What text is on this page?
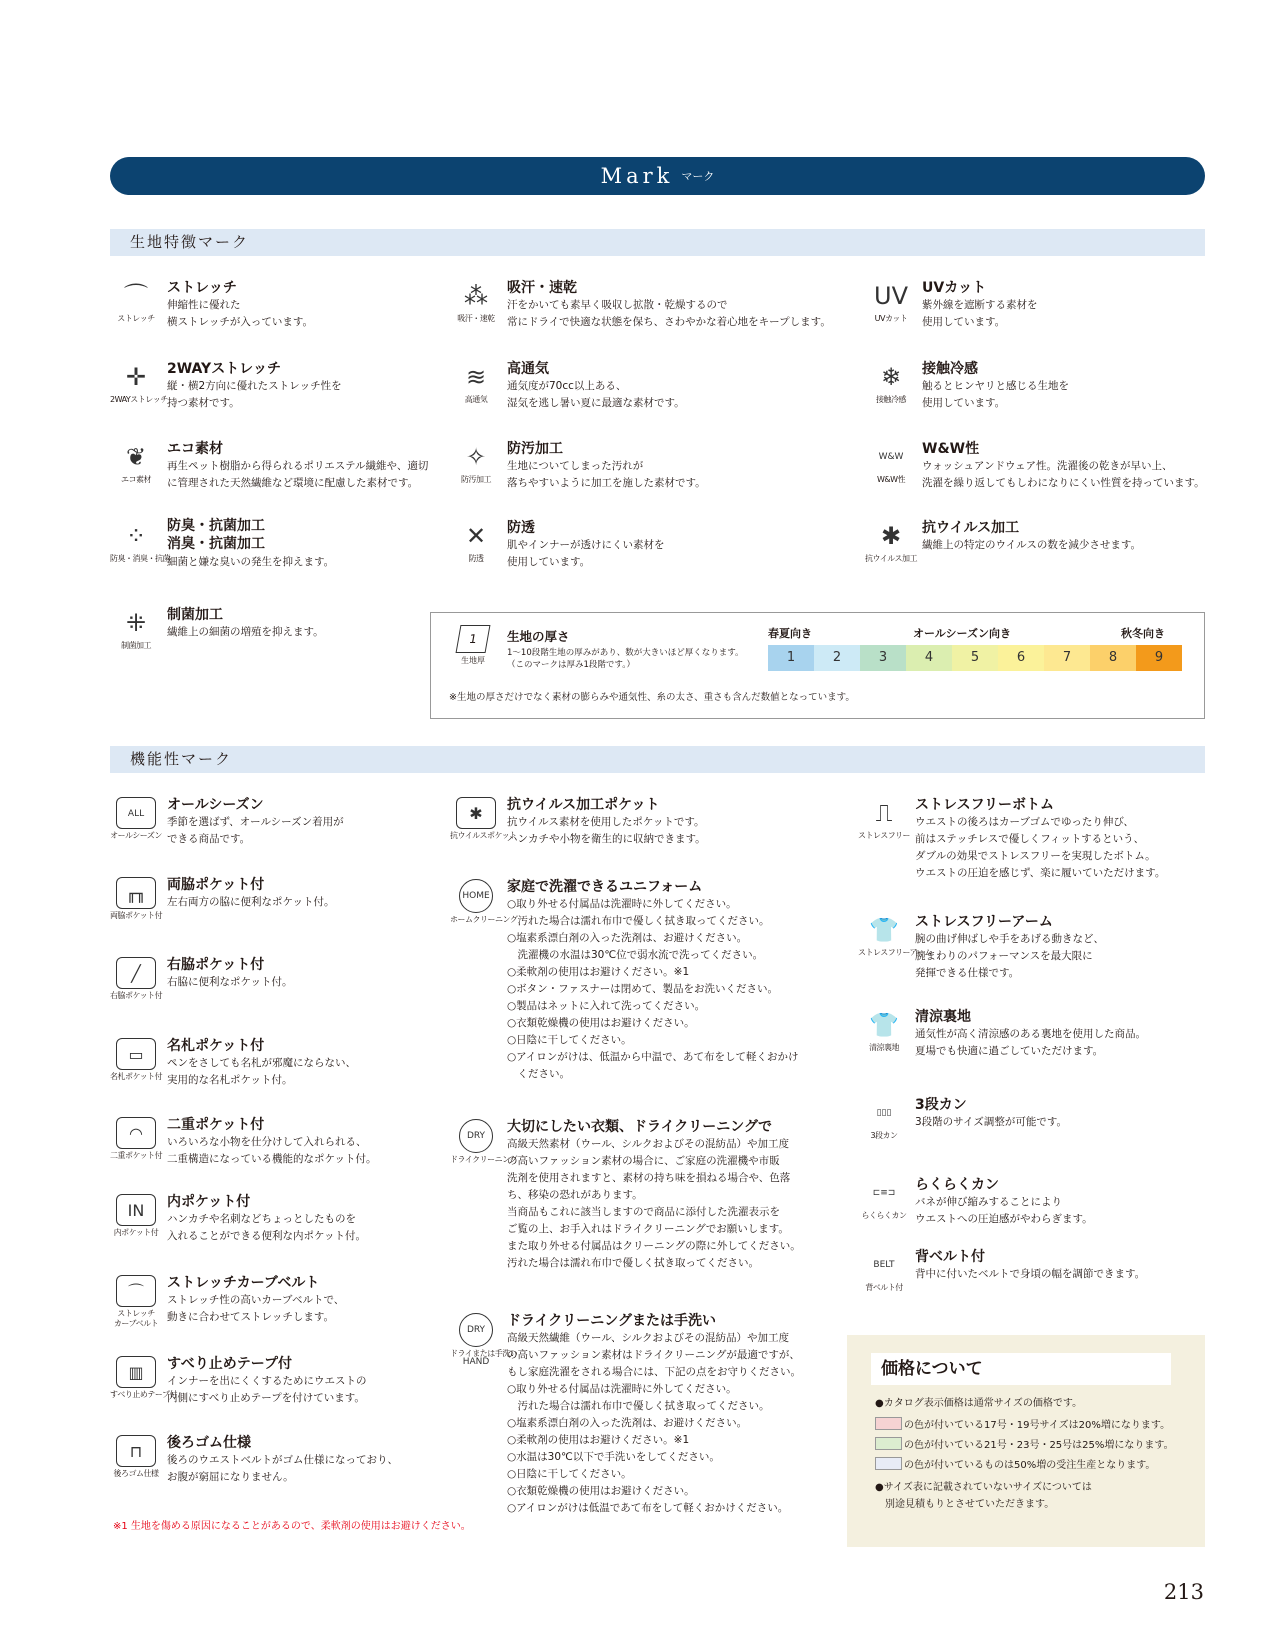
Mark マーク
生地特徴マーク
⌒
ストレッチ
ストレッチ
伸縮性に優れた
横ストレッチが入っています。
⁂
吸汗・速乾
吸汗・速乾
汗をかいても素早く吸収し拡散・乾燥するので
常にドライで快適な状態を保ち、さわやかな着心地をキープします。
UV
UVカット
UVカット
紫外線を遮断する素材を
使用しています。
✛
2WAYストレッチ
2WAYストレッチ
縦・横2方向に優れたストレッチ性を
持つ素材です。
≋
高通気
高通気
通気度が70cc以上ある、
湿気を逃し暑い夏に最適な素材です。
❄
接触冷感
接触冷感
触るとヒンヤリと感じる生地を
使用しています。
❦
エコ素材
エコ素材
再生ペット樹脂から得られるポリエステル繊維や、適切
に管理された天然繊維など環境に配慮した素材です。
✧
防汚加工
防汚加工
生地についてしまった汚れが
落ちやすいように加工を施した素材です。
W&W
W&W性
W&W性
ウォッシュアンドウェア性。洗濯後の乾きが早い上、
洗濯を繰り返してもしわになりにくい性質を持っています。
⁘
防臭・消臭・抗菌
防臭・抗菌加工
消臭・抗菌加工
細菌と嫌な臭いの発生を抑えます。
✕
防透
防透
肌やインナーが透けにくい素材を
使用しています。
✱
抗ウイルス加工
抗ウイルス加工
繊維上の特定のウイルスの数を減少させます。
⁜
制菌加工
制菌加工
繊維上の細菌の増殖を抑えます。	1
生地厚
生地の厚さ
1～10段階生地の厚みがあり、数が大きいほど厚くなります。
（このマークは厚み1段階です。）
春夏向き	オールシーズン向き	秋冬向き
1	2	3	4	5	6	7	8	9
※生地の厚さだけでなく素材の膨らみや通気性、糸の太さ、重さも含んだ数値となっています。
機能性マーク
ALL
オールシーズン
オールシーズン
季節を選ばず、オールシーズン着用が
できる商品です。
╓╖
両脇ポケット付
両脇ポケット付
左右両方の脇に便利なポケット付。
╱
右脇ポケット付
右脇ポケット付
右脇に便利なポケット付。
▭
名札ポケット付
名札ポケット付
ペンをさしても名札が邪魔にならない、
実用的な名札ポケット付。
◠
二重ポケット付
二重ポケット付
いろいろな小物を仕分けして入れられる、
二重構造になっている機能的なポケット付。
IN
内ポケット付
内ポケット付
ハンカチや名刺などちょっとしたものを
入れることができる便利な内ポケット付。
⌒
ストレッチ
カーブベルト
ストレッチカーブベルト
ストレッチ性の高いカーブベルトで、
動きに合わせてストレッチします。
▥
すべり止めテープ付
すべり止めテープ付
インナーを出にくくするためにウエストの
内側にすべり止めテープを付けています。
⊓
後ろゴム仕様
後ろゴム仕様
後ろのウエストベルトがゴム仕様になっており、
お腹が窮屈になりません。
✱
抗ウイルスポケット
抗ウイルス加工ポケット
抗ウイルス素材を使用したポケットです。
ハンカチや小物を衛生的に収納できます。
HOME
ホームクリーニング
家庭で洗濯できるユニフォーム
○取り外せる付属品は洗濯時に外してください。
　汚れた場合は濡れ布巾で優しく拭き取ってください。
○塩素系漂白剤の入った洗剤は、お避けください。
　洗濯機の水温は30℃位で弱水流で洗ってください。
○柔軟剤の使用はお避けください。※1
○ボタン・ファスナーは閉めて、製品をお洗いください。
○製品はネットに入れて洗ってください。
○衣類乾燥機の使用はお避けください。
○日陰に干してください。
○アイロンがけは、低温から中温で、あて布をして軽くおかけ
　ください。
DRY
ドライクリーニング
大切にしたい衣類、ドライクリーニングで
高級天然素材（ウール、シルクおよびその混紡品）や加工度
の高いファッション素材の場合に、ご家庭の洗濯機や市販
洗剤を使用されますと、素材の持ち味を損ねる場合や、色落
ち、移染の恐れがあります。
当商品もこれに該当しますので商品に添付した洗濯表示を
ご覧の上、お手入れはドライクリーニングでお願いします。
また取り外せる付属品はクリーニングの際に外してください。
汚れた場合は濡れ布巾で優しく拭き取ってください。
DRY HAND
ドライまたは手洗い
ドライクリーニングまたは手洗い
高級天然繊維（ウール、シルクおよびその混紡品）や加工度
の高いファッション素材はドライクリーニングが最適ですが、
もし家庭洗濯をされる場合には、下記の点をお守りください。
○取り外せる付属品は洗濯時に外してください。
　汚れた場合は濡れ布巾で優しく拭き取ってください。
○塩素系漂白剤の入った洗剤は、お避けください。
○柔軟剤の使用はお避けください。※1
○水温は30℃以下で手洗いをしてください。
○日陰に干してください。
○衣類乾燥機の使用はお避けください。
○アイロンがけは低温であて布をして軽くおかけください。
⎍
ストレスフリー
ストレスフリーボトム
ウエストの後ろはカーブゴムでゆったり伸び、
前はステッチレスで優しくフィットするという、
ダブルの効果でストレスフリーを実現したボトム。
ウエストの圧迫を感じず、楽に履いていただけます。
👕
ストレスフリーアーム
ストレスフリーアーム
腕の曲げ伸ばしや手をあげる動きなど、
腕まわりのパフォーマンスを最大限に
発揮できる仕様です。
👕
清涼裏地
清涼裏地
通気性が高く清涼感のある裏地を使用した商品。
夏場でも快適に過ごしていただけます。
▯▯▯
3段カン
3段カン
3段階のサイズ調整が可能です。
⊏≡⊐
らくらくカン
らくらくカン
バネが伸び縮みすることにより
ウエストへの圧迫感がやわらぎます。
BELT
背ベルト付
背ベルト付
背中に付いたベルトで身頃の幅を調節できます。
※1 生地を傷める原因になることがあるので、柔軟剤の使用はお避けください。
価格について
●カタログ表示価格は通常サイズの価格です。
の色が付いている17号・19号サイズは20%増になります。
の色が付いている21号・23号・25号は25%増になります。
の色が付いているものは50%増の受注生産となります。
●サイズ表に記載されていないサイズについては
　別途見積もりとさせていただきます。
213
